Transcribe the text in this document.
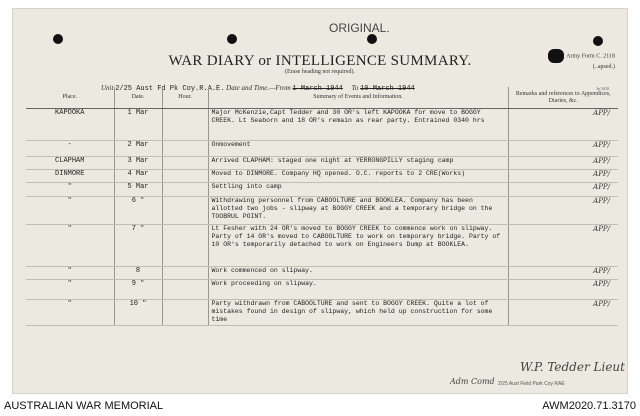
ORIGINAL.
WAR DIARY or INTELLIGENCE SUMMARY.
(Erase heading not required).
Army Form C. 2118
(..apsed.)
Unit 2/25 Aust Fd Pk Coy.R.A.E. Date and Time.—From 1 March 1944 To 10 March 1944	3e 5418
Place.	Date.	Hour.	Summary of Events and Information.	Remarks and references to Appendices, Diaries, &c.
KAPOOKA	1 Mar		Major McKenzie,Capt Tedder and 30 OR's left KAPOOKA for move to BOGGY CREEK. Lt Seaborn and 18 OR's remain as rear party. Entrained 0340 hrs	APP/
-	2 Mar		Onmovement	APP/
CLAPHAM	3 Mar		Arrived CLAPHAM: staged one night at YERRONGPILLY staging camp	APP/
DINMORE	4 Mar		Moved to DINMORE. Company HQ opened. O.C. reports to 2 CRE(Works)	APP/
"	5 Mar		Settling into camp	APP/
"	6 "		Withdrawing personnel from CABOOLTURE and BOOKLEA. Company has been allotted two jobs - slipway at BOGGY CREEK and a temporary bridge on the TOOBRUL POINT.	APP/
"	7 "		Lt Fesher with 24 OR's moved to BOGGY CREEK to commence work on slipway. Party of 14 OR's moved to CABOOLTURE to work on temporary bridge. Party of 10 OR's temporarily detached to work on Engineers Dump at BOOKLEA.	APP/
"	8		Work commenced on slipway.	APP/
"	9 "		Work proceeding on slipway.	APP/
"	10 "		Party withdrawn from CABOOLTURE and sent to BOGGY CREEK. Quite a lot of mistakes found in design of slipway, which held up construction for some time	APP/
W.P. Tedder Lieut
Adm Comd 2/25 Aust Field Park Coy RAE
AUSTRALIAN WAR MEMORIAL	AWM2020.71.3170
